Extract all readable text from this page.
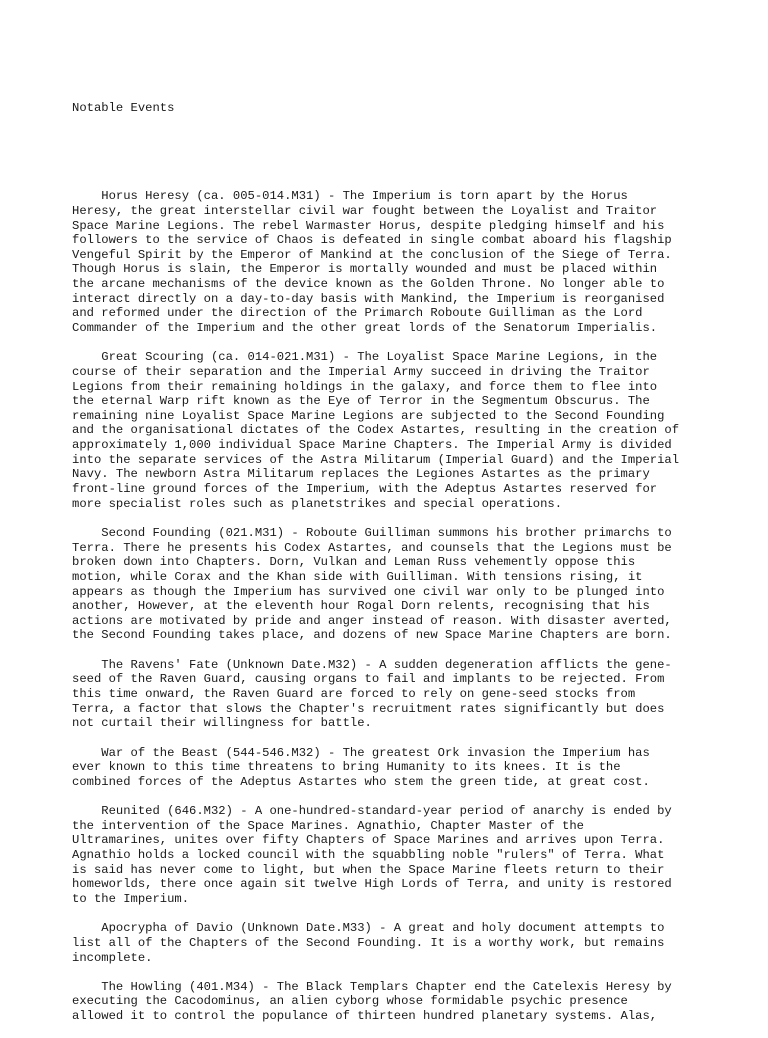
Notable Events

Horus Heresy (ca. 005-014.M31) - The Imperium is torn apart by the Horus
Heresy, the great interstellar civil war fought between the Loyalist and Traitor
Space Marine Legions. The rebel Warmaster Horus, despite pledging himself and his
followers to the service of Chaos is defeated in single combat aboard his flagship
Vengeful Spirit by the Emperor of Mankind at the conclusion of the Siege of Terra.
Though Horus is slain, the Emperor is mortally wounded and must be placed within
the arcane mechanisms of the device known as the Golden Throne. No longer able to
interact directly on a day-to-day basis with Mankind, the Imperium is reorganised
and reformed under the direction of the Primarch Roboute Guilliman as the Lord
Commander of the Imperium and the other great lords of the Senatorum Imperialis.
Great Scouring (ca. 014-021.M31) - The Loyalist Space Marine Legions, in the
course of their separation and the Imperial Army succeed in driving the Traitor
Legions from their remaining holdings in the galaxy, and force them to flee into
the eternal Warp rift known as the Eye of Terror in the Segmentum Obscurus. The
remaining nine Loyalist Space Marine Legions are subjected to the Second Founding
and the organisational dictates of the Codex Astartes, resulting in the creation of
approximately 1,000 individual Space Marine Chapters. The Imperial Army is divided
into the separate services of the Astra Militarum (Imperial Guard) and the Imperial
Navy. The newborn Astra Militarum replaces the Legiones Astartes as the primary
front-line ground forces of the Imperium, with the Adeptus Astartes reserved for
more specialist roles such as planetstrikes and special operations.
Second Founding (021.M31) - Roboute Guilliman summons his brother primarchs to
Terra. There he presents his Codex Astartes, and counsels that the Legions must be
broken down into Chapters. Dorn, Vulkan and Leman Russ vehemently oppose this
motion, while Corax and the Khan side with Guilliman. With tensions rising, it
appears as though the Imperium has survived one civil war only to be plunged into
another, However, at the eleventh hour Rogal Dorn relents, recognising that his
actions are motivated by pride and anger instead of reason. With disaster averted,
the Second Founding takes place, and dozens of new Space Marine Chapters are born.
The Ravens' Fate (Unknown Date.M32) - A sudden degeneration afflicts the gene-
seed of the Raven Guard, causing organs to fail and implants to be rejected. From
this time onward, the Raven Guard are forced to rely on gene-seed stocks from
Terra, a factor that slows the Chapter's recruitment rates significantly but does
not curtail their willingness for battle.
War of the Beast (544-546.M32) - The greatest Ork invasion the Imperium has
ever known to this time threatens to bring Humanity to its knees. It is the
combined forces of the Adeptus Astartes who stem the green tide, at great cost.
Reunited (646.M32) - A one-hundred-standard-year period of anarchy is ended by
the intervention of the Space Marines. Agnathio, Chapter Master of the
Ultramarines, unites over fifty Chapters of Space Marines and arrives upon Terra.
Agnathio holds a locked council with the squabbling noble "rulers" of Terra. What
is said has never come to light, but when the Space Marine fleets return to their
homeworlds, there once again sit twelve High Lords of Terra, and unity is restored
to the Imperium.
Apocrypha of Davio (Unknown Date.M33) - A great and holy document attempts to
list all of the Chapters of the Second Founding. It is a worthy work, but remains
incomplete.
The Howling (401.M34) - The Black Templars Chapter end the Catelexis Heresy by
executing the Cacodominus, an alien cyborg whose formidable psychic presence
allowed it to control the populance of thirteen hundred planetary systems. Alas,
